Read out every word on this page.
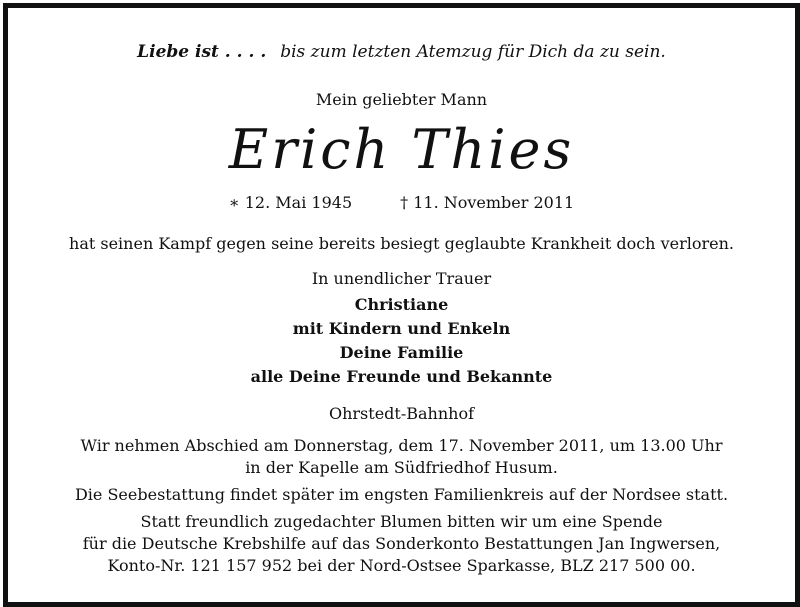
Liebe ist . . . . bis zum letzten Atemzug für Dich da zu sein.
Mein geliebter Mann
Erich Thies
∗ 12. Mai 1945	† 11. November 2011
hat seinen Kampf gegen seine bereits besiegt geglaubte Krankheit doch verloren.
In unendlicher Trauer
Christiane
mit Kindern und Enkeln
Deine Familie
alle Deine Freunde und Bekannte
Ohrstedt-Bahnhof
Wir nehmen Abschied am Donnerstag, dem 17. November 2011, um 13.00 Uhr
in der Kapelle am Südfriedhof Husum.
Die Seebestattung findet später im engsten Familienkreis auf der Nordsee statt.
Statt freundlich zugedachter Blumen bitten wir um eine Spende
für die Deutsche Krebshilfe auf das Sonderkonto Bestattungen Jan Ingwersen,
Konto-Nr. 121 157 952 bei der Nord-Ostsee Sparkasse, BLZ 217 500 00.
